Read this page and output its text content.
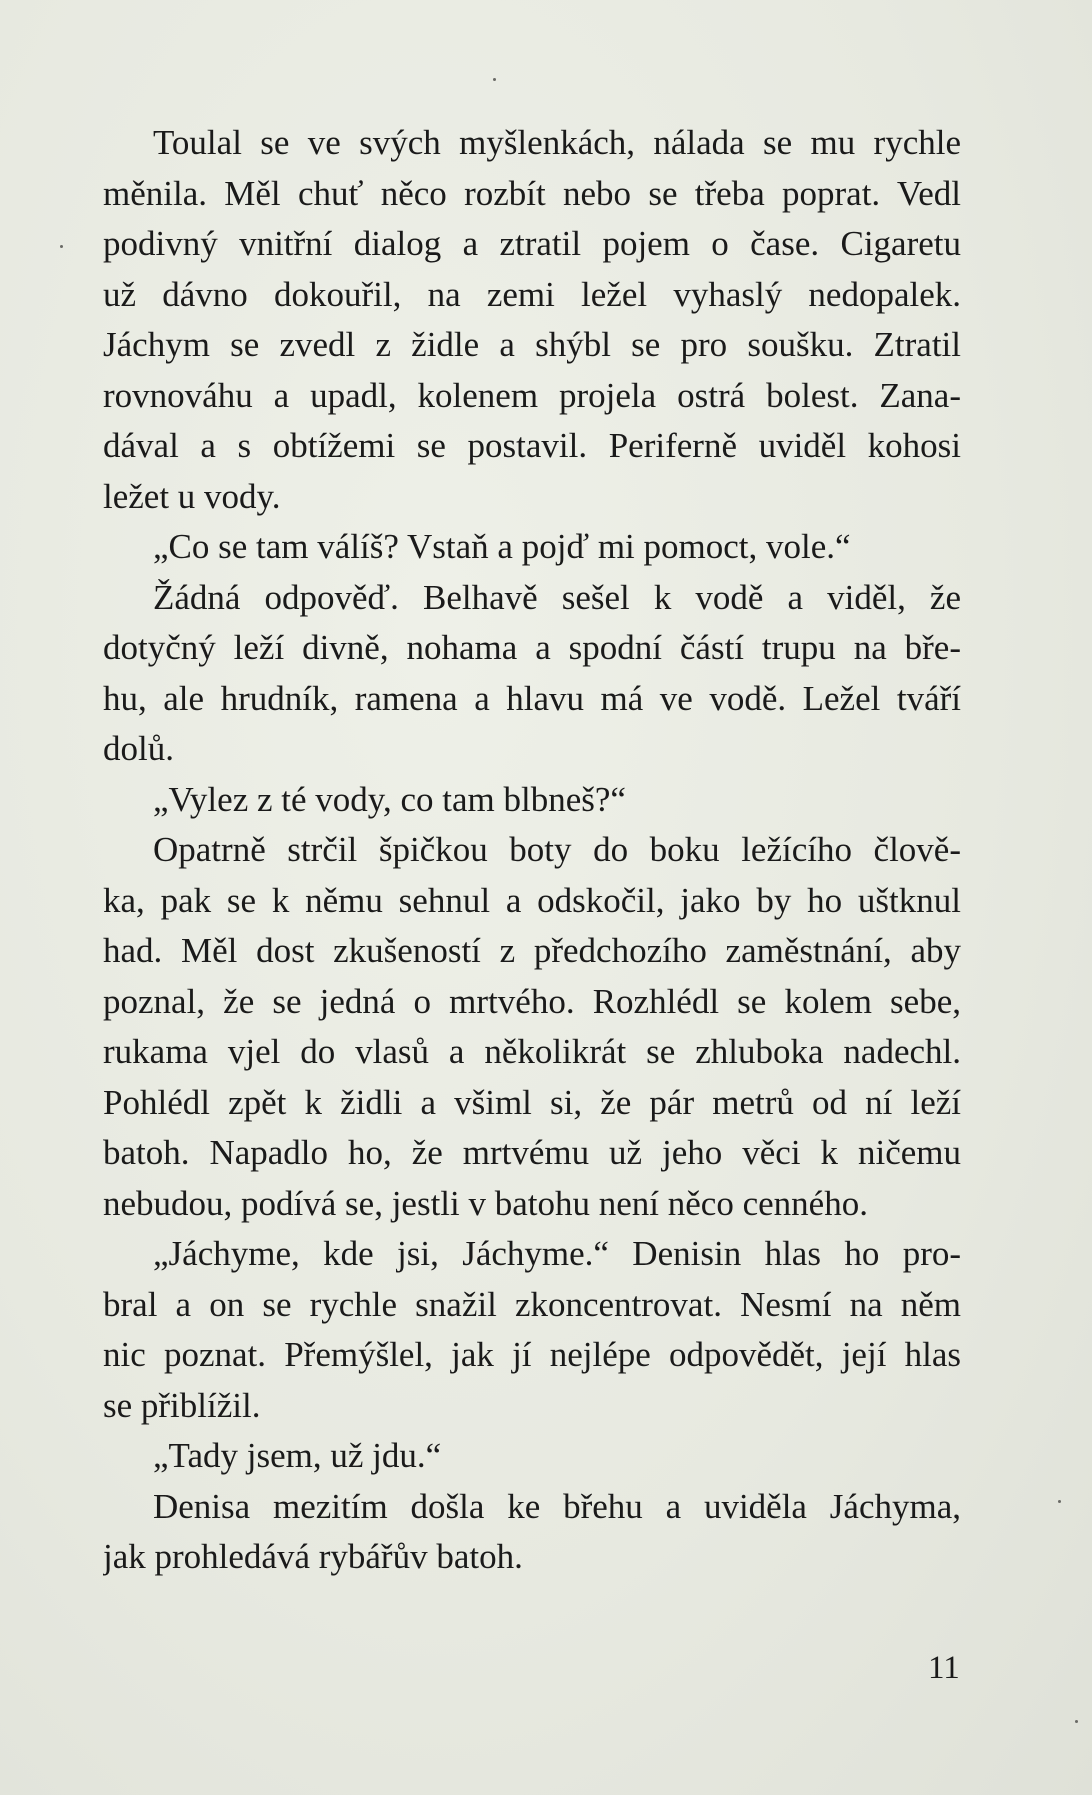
Toulal se ve svých myšlenkách, nálada se mu rychle
měnila. Měl chuť něco rozbít nebo se třeba poprat. Vedl
podivný vnitřní dialog a ztratil pojem o čase. Cigaretu
už dávno dokouřil, na zemi ležel vyhaslý nedopalek.
Jáchym se zvedl z židle a shýbl se pro soušku. Ztratil
rovnováhu a upadl, kolenem projela ostrá bolest. Zana-
dával a s obtížemi se postavil. Periferně uviděl kohosi
ležet u vody.
„Co se tam válíš? Vstaň a pojď mi pomoct, vole.“
Žádná odpověď. Belhavě sešel k vodě a viděl, že
dotyčný leží divně, nohama a spodní částí trupu na bře-
hu, ale hrudník, ramena a hlavu má ve vodě. Ležel tváří
dolů.
„Vylez z té vody, co tam blbneš?“
Opatrně strčil špičkou boty do boku ležícího člově-
ka, pak se k němu sehnul a odskočil, jako by ho uštknul
had. Měl dost zkušeností z předchozího zaměstnání, aby
poznal, že se jedná o mrtvého. Rozhlédl se kolem sebe,
rukama vjel do vlasů a několikrát se zhluboka nadechl.
Pohlédl zpět k židli a všiml si, že pár metrů od ní leží
batoh. Napadlo ho, že mrtvému už jeho věci k ničemu
nebudou, podívá se, jestli v batohu není něco cenného.
„Jáchyme, kde jsi, Jáchyme.“ Denisin hlas ho pro-
bral a on se rychle snažil zkoncentrovat. Nesmí na něm
nic poznat. Přemýšlel, jak jí nejlépe odpovědět, její hlas
se přiblížil.
„Tady jsem, už jdu.“
Denisa mezitím došla ke břehu a uviděla Jáchyma,
jak prohledává rybářův batoh.
11
